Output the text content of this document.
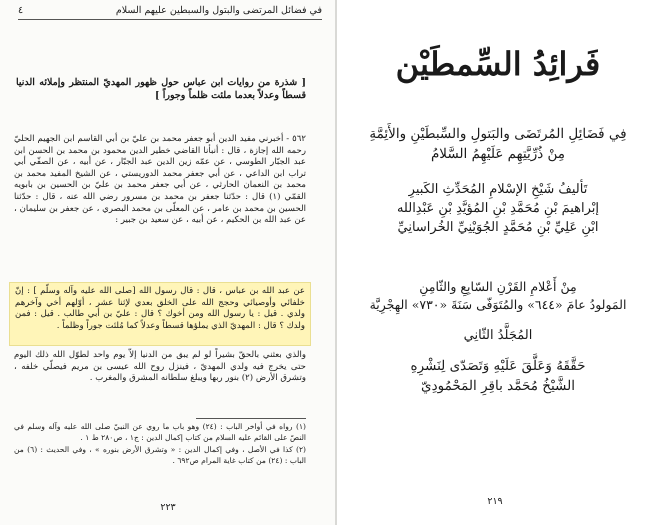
في فضائل المرتضى والبتول والسبطين عليهم السلام
٤
[ شذرة من روايات ابن عباس حول ظهور المهديّ المنتظر وإملائه الدنيا قسطاً وعدلاً بعدما ملئت ظلماً وجوراً ]

٥٦٢ - أخبرني مفيد الدين أبو جعفر محمد بن عليّ بن أبي القاسم ابن الجهيم الحليّ رحمه الله إجازة ، قال : أنبأنا القاضي خطير الدين محمود بن محمد بن الحسن ابن عبد الجبّار الطوسي ، عن عمّه زين الدين عبد الجبّار ، عن أبيه ، عن الصفّي أبي تراب ابن الداعي ، عن أبي جعفر محمد الدوريستي ، عن الشيخ المفيد محمد بن محمد بن النعمان الحارثي ، عن أبي جعفر محمد بن عليّ بن الحسين بن بابويه القمّي (١) قال : حدّثنا جعفر بن محمد بن مسرور رضي الله عنه ، قال : حدّثنا الحسين بن محمد بن عامر ، عن المعلّى بن محمد البصري ، عن جعفر بن سليمان ، عن عبد الله بن الحكيم ، عن أبيه ، عن سعيد بن جبير :

عن عبد الله بن عباس ، قال : قال رسول الله [صلى الله عليه وآله وسلّم ] : إنّ خلفائي وأوصيائي وحجج الله على الخلق بعدي لإثنا عشر ، أوّلهم أخي وآخرهم ولدي . قيل : يا رسول الله ومن أخوك ؟ قال : عليّ بن أبي طالب . قيل : فمن ولدك ؟ قال : المهديّ الذي يملؤها قسطاً وعدلاً كما مُلئت جوراً وظلماً .

والذي بعثني بالحقّ بشيراً لو لم يبق من الدنيا إلاّ يوم واحد لطوّل الله ذلك اليوم حتى يخرج فيه ولدي المهديّ ، فينزل روح الله عيسى بن مريم فيصلّي خلفه ، وتشرق الأرض (٢) بنور ربها ويبلغ سلطانه المشرق والمغرب .

(١) رواه في أواخر الباب : (٢٤) وهو باب ما روي عن النبيّ صلى الله عليه وآله وسلم في النصّ على القائم عليه السلام من كتاب إكمال الدين : ج١ ، ص٢٨٠ ط ١ .

(٢) كذا في الأصل ، وفي إكمال الدين : « وتشرق الأرض بنوره » ، وفي الحديث : (٦) من الباب : (٢٤) من كتاب غاية المرام ص٦٩٢ .

٢٢٣
فَرائِدُ السِّمطَيْن
فِي فَضَائِلِ المُرتَضَى والبَتولِ والسِّبطَيْنِ والأَئِمَّةِ
مِنْ ذُرِّيَّتِهِم عَلَيْهِمُ السَّلامُ
تَأليفُ شَيْخِ الإسْلامِ المُحَدِّثِ الكَبيرِ
إبْراهيمَ بْنِ مُحَمَّدِ بْنِ المُؤيَّدِ بْنِ عَبْدِالله
ابْنِ عَلِيِّ بْنِ مُحَمَّدٍ الجُوَيْنِيِّ الخُراسانِيِّ
مِنْ أَعْلامِ القَرْنِ السّابِعِ والثّامِنِ
المَولودُ عامَ «٦٤٤» والمُتَوَفّى سَنَةَ «٧٣٠» الهِجْرِيَّة
المُجَلَّدُ الثّانِي
حَقَّقَهُ وَعَلَّقَ عَلَيْهِ وَتَصَدّى لِنَشْرِهِ
الشَّيْخُ مُحَمَّد باقِرِ المَحْمُودِيّ
٢١٩
